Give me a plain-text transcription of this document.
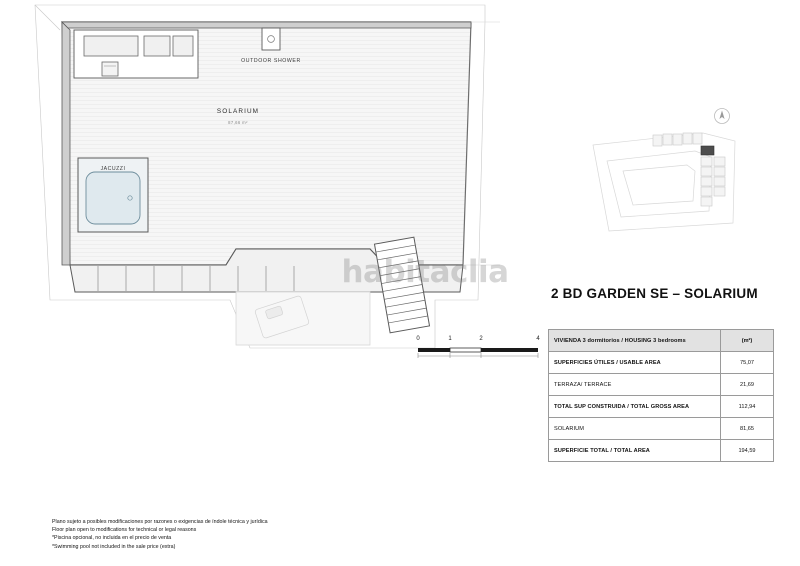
OUTDOOR SHOWER
JACUZZI
SOLARIUM
87,66 m²
habitaclia
0	1	2	4
2 BD GARDEN SE – SOLARIUM
VIVIENDA 3 dormitorios / HOUSING 3 bedrooms	(m²)
SUPERFICIES ÚTILES / USABLE AREA	75,07
TERRAZA/ TERRACE	21,69
TOTAL SUP CONSTRUIDA / TOTAL GROSS AREA	112,94
SOLARIUM	81,65
SUPERFICIE TOTAL / TOTAL AREA	194,59
Plano sujeto a posibles modificaciones por razones o exigencias de índole técnica y jurídica
Floor plan open to modifications for technical or legal reasons
*Piscina opcional, no incluida en el precio de venta
*Swimming pool not included in the sale price (extra)
